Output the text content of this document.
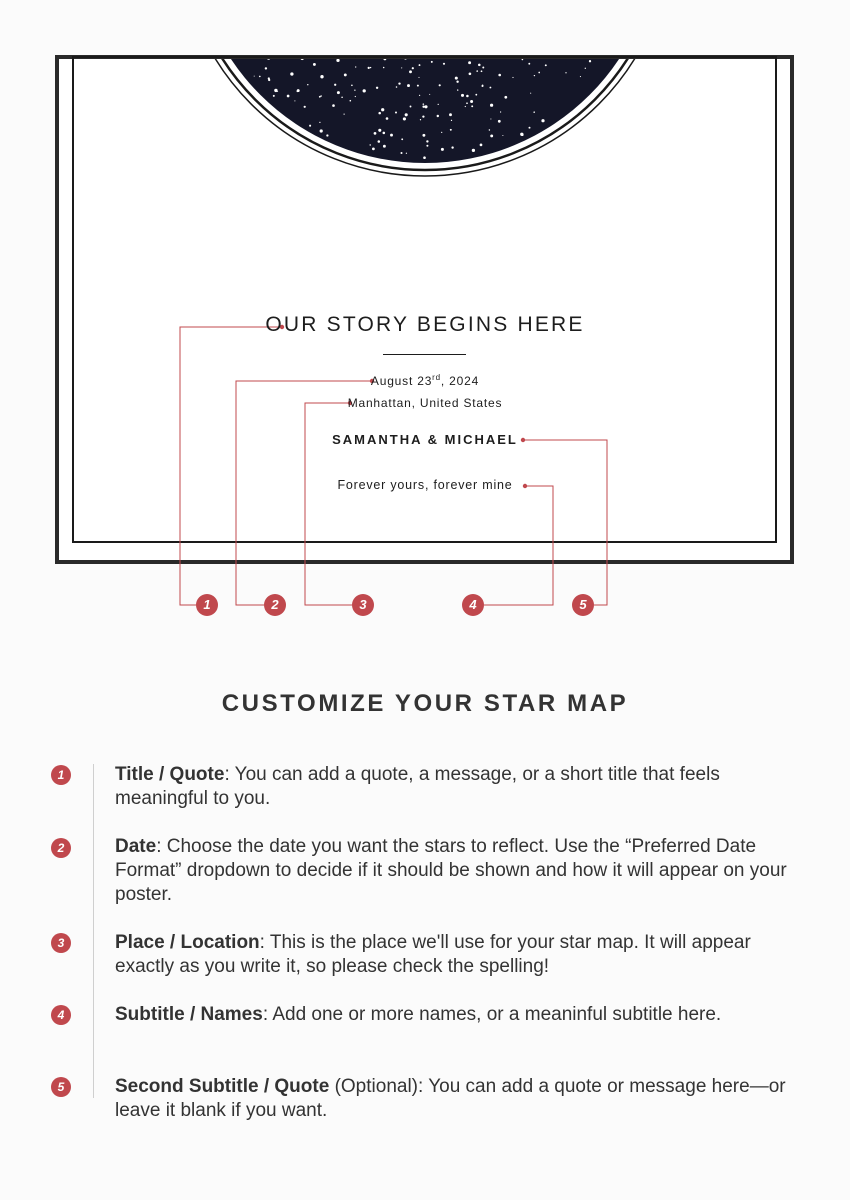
OUR STORY BEGINS HERE
August 23rd, 2024
Manhattan, United States
SAMANTHA & MICHAEL
Forever yours, forever mine
1	2	3	4	5
CUSTOMIZE YOUR STAR MAP
1	Title / Quote: You can add a quote, a message, or a short title that feels meaningful to you.
2	Date: Choose the date you want the stars to reflect. Use the “Preferred Date Format” dropdown to decide if it should be shown and how it will appear on your poster.
3	Place / Location: This is the place we'll use for your star map. It will appear exactly as you write it, so please check the spelling!
4	Subtitle / Names: Add one or more names, or a meaninful subtitle here.
5	Second Subtitle / Quote (Optional): You can add a quote or message here—or leave it blank if you want.
